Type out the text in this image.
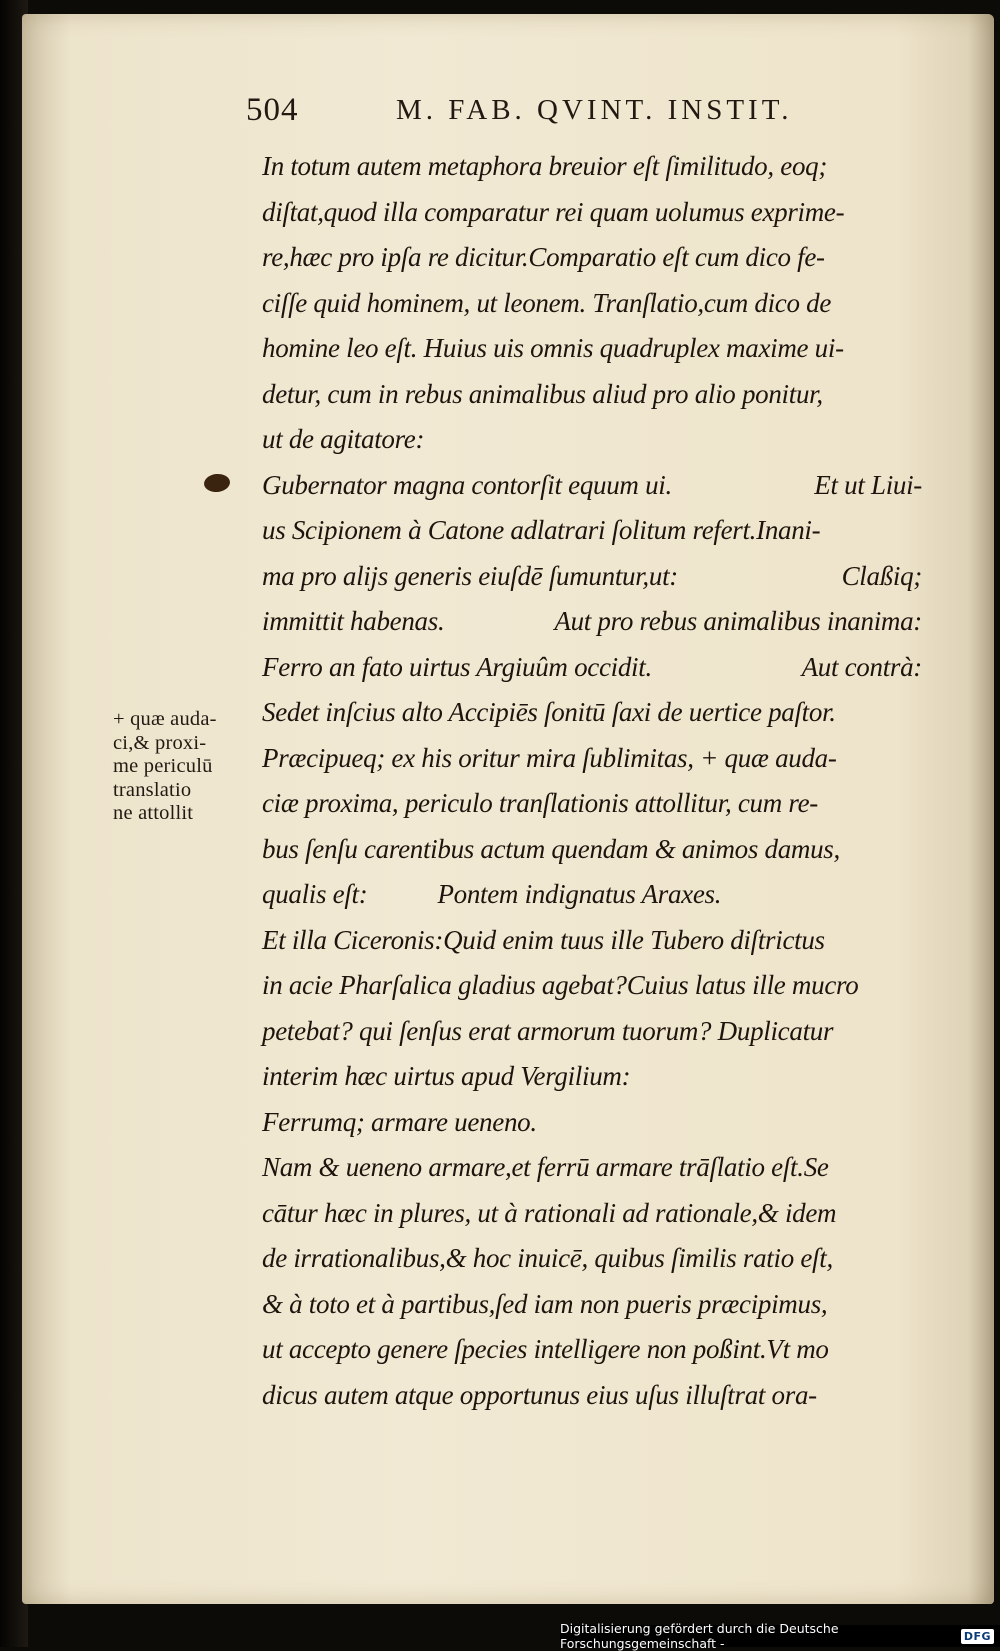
504	M. FAB. QVINT. INSTIT.
+ quæ auda-
ci,& proxi-
me periculū
translatio
ne attollit
In totum autem metaphora breuior eſt ſimilitudo, eoq;
diſtat,quod illa comparatur rei quam uolumus exprime-
re,hæc pro ipſa re dicitur.Comparatio eſt cum dico fe-
ciſſe quid hominem, ut leonem. Tranſlatio,cum dico de
homine leo eſt. Huius uis omnis quadruplex maxime ui-
detur, cum in rebus animalibus aliud pro alio ponitur,
ut de agitatore:
Gubernator magna contorſit equum ui.	Et ut Liui-
us Scipionem à Catone adlatrari ſolitum refert.Inani-
ma pro alijs generis eiuſdē ſumuntur,ut:	Claßiq;
immittit habenas.	Aut pro rebus animalibus inanima:
Ferro an fato uirtus Argiuûm occidit.	Aut contrà:
Sedet inſcius alto Accipiēs ſonitū ſaxi de uertice paſtor.
Præcipueq; ex his oritur mira ſublimitas, + quæ auda-
ciæ proxima, periculo tranſlationis attollitur, cum re-
bus ſenſu carentibus actum quendam & animos damus,
qualis eſt:	Pontem indignatus Araxes.
Et illa Ciceronis:Quid enim tuus ille Tubero diſtrictus
in acie Pharſalica gladius agebat?Cuius latus ille mucro
petebat? qui ſenſus erat armorum tuorum? Duplicatur
interim hæc uirtus apud Vergilium:
Ferrumq; armare ueneno.
Nam & ueneno armare,et ferrū armare trāſlatio eſt.Se
cātur hæc in plures, ut à rationali ad rationale,& idem
de irrationalibus,& hoc inuicē, quibus ſimilis ratio eſt,
& à toto et à partibus,ſed iam non pueris præcipimus,
ut accepto genere ſpecies intelligere non poßint.Vt mo
dicus autem atque opportunus eius uſus illuſtrat ora-
Digitalisierung gefördert durch die Deutsche Forschungsgemeinschaft -	DFG
